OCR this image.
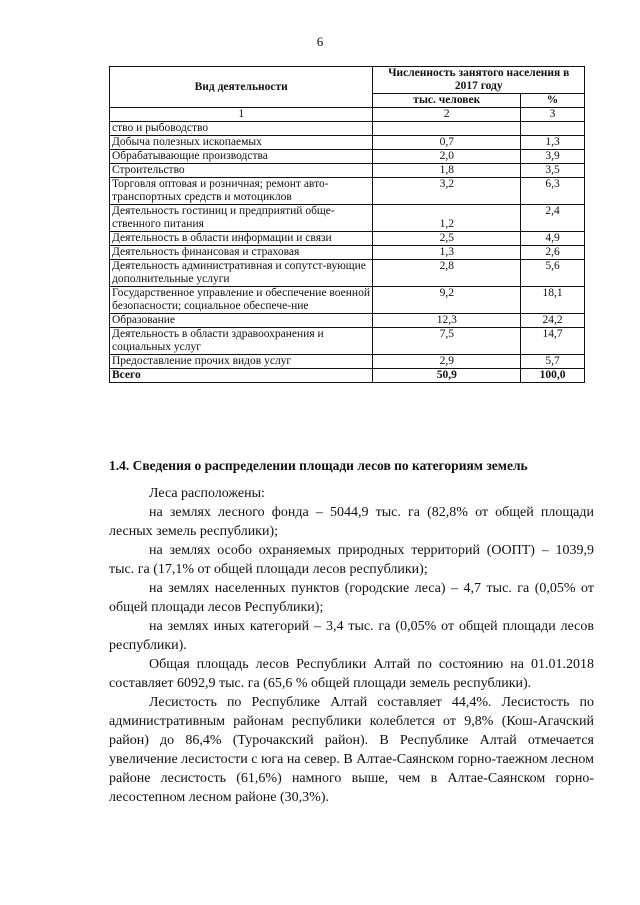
6
Вид деятельности	Численность занятого населения в 2017 году	
	тыс. человек	%
1	2	3
ство и рыбоводство		
Добыча полезных ископаемых	0,7	1,3
Обрабатывающие производства	2,0	3,9
Строительство	1,8	3,5
Торговля оптовая и розничная; ремонт авто-транспортных средств и мотоциклов	3,2	6,3
Деятельность гостиниц и предприятий обще-ственного питания	1,2	2,4
Деятельность в области информации и связи	2,5	4,9
Деятельность финансовая и страховая	1,3	2,6
Деятельность административная и сопутст-вующие дополнительные услуги	2,8	5,6
Государственное управление и обеспечение военной безопасности; социальное обеспече-ние	9,2	18,1
Образование	12,3	24,2
Деятельность в области здравоохранения и социальных услуг	7,5	14,7
Предоставление прочих видов услуг	2,9	5,7
Всего	50,9	100,0
1.4. Сведения о распределении площади лесов по категориям земель

Леса расположены:

на землях лесного фонда – 5044,9 тыс. га (82,8% от общей площади лесных земель республики);

на землях особо охраняемых природных территорий (ООПТ) – 1039,9 тыс. га (17,1% от общей площади лесов республики);

на землях населенных пунктов (городские леса) – 4,7 тыс. га (0,05% от общей площади лесов Республики);

на землях иных категорий – 3,4 тыс. га (0,05% от общей площади лесов республики).

Общая площадь лесов Республики Алтай по состоянию на 01.01.2018 составляет 6092,9 тыс. га (65,6 % общей площади земель республики).

Лесистость по Республике Алтай составляет 44,4%. Лесистость по административным районам республики колеблется от 9,8% (Кош-Агачский район) до 86,4% (Турочакский район). В Республике Алтай отмечается увеличение лесистости с юга на север. В Алтае-Саянском горно-таежном лесном районе лесистость (61,6%) намного выше, чем в Алтае-Саянском горно-лесостепном лесном районе (30,3%).
